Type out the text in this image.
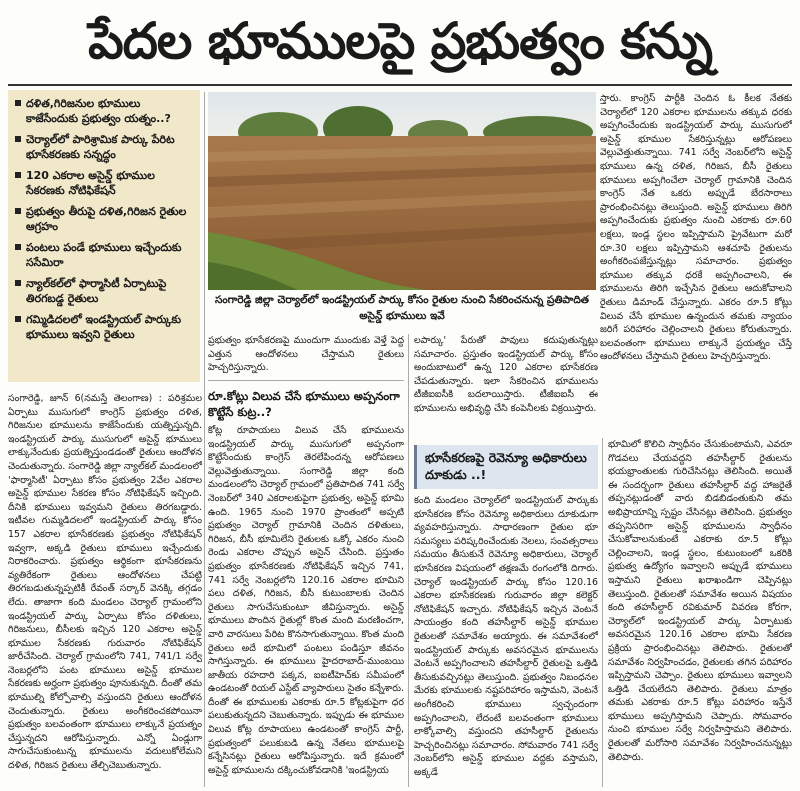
పేదల భూములపై ప్రభుత్వం కన్ను
దళిత,గిరిజనుల భూములు కాజేసేందుకు ప్రభుత్వం యత్నం..?
చెర్యాల్‌లో పారిశ్రామిక పార్కు పేరిట భూసేకరణకు సన్నద్ధం
120 ఎకరాల అసైన్డ్ భూముల సేకరణకు నోటిఫికేషన్
ప్రభుత్వం తీరుపై దళిత,గిరిజన రైతుల ఆగ్రహం
పంటలు పండే భూములు ఇచ్చేందుకు ససేమిరా
న్యాల్‌కల్‌లో ఫార్మాసిటీ ఏర్పాటుపై తిరగబడ్డ రైతులు
గమ్మిడిదలలో ఇండస్ట్రియల్ పార్కుకు భూములు ఇవ్వని రైతులు
సంగారెడ్డి జిల్లా చెర్యాల్‌లో ఇండస్ట్రియల్ పార్కు కోసం రైతుల నుంచి సేకరించనున్న ప్రతిపాదిత అసైన్డ్ భూములు ఇవే

సంగారెడ్డి, జూన్ 6(నమస్తే తెలంగాణ) : పరిశ్రమల ఏర్పాటు ముసుగులో కాంగ్రెస్ ప్రభుత్వం దళిత, గిరిజనుల భూములను కాజేసేందుకు యత్నిస్తున్నది. ఇండస్ట్రియల్ పార్కు ముసుగులో అసైన్డ్ భూములు లాక్కునేందుకు ప్రయత్నిస్తుండడంతో రైతులు ఆందోళన చెందుతున్నారు. సంగారెడ్డి జిల్లా న్యాల్‌కల్ మండలంలో 'ఫార్మాసిటీ' ఏర్పాటు కోసం ప్రభుత్వం 2వేల ఎకరాల అసైన్డ్ భూముల సేకరణ కోసం నోటిఫికేషన్ ఇచ్చింది. దీనికి భూములు ఇవ్వమని రైతులు తిరగబడ్డారు. ఇటీవల గుమ్మడిదలలో ఇండస్ట్రియల్ పార్కు కోసం 157 ఎకరాల భూసేకరణకు ప్రభుత్వం నోటిఫికేషన్ ఇవ్వగా, అక్కడి రైతులు భూములు ఇచ్చేందుకు నిరాకరించారు. ప్రభుత్వం ఆర్థికంగా భూసేకరణను వ్యతిరేకంగా రైతులు ఆందోళనలు చేపట్టి తిరగబడుతున్నప్పటికీ రేవంత్ సర్కార్ వెనక్కి తగ్గడం లేదు. తాజాగా కంది మండలం చెర్యాల్ గ్రామంలోని ఇండస్ట్రియల్ పార్కు ఏర్పాటు కోసం దళితులు, గిరిజనులు, బీసీలకు ఇచ్చిన 120 ఎకరాల అసైన్డ్ భూముల సేకరణకు గురువారం నోటిఫికేషన్ జారీచేసింది. చెర్యాల్ గ్రామంలోని 741, 741/1 సర్వే నెంబర్లలోని పంట భూములు అసైన్డ్ భూముల సేకరణకు అర్హంగా ప్రభుత్వం పూనుకున్నది. దీంతో తమ భూముల్ని కోల్పోవాల్సి వస్తుందని రైతులు ఆందోళన చెందుతున్నారు. రైతులు అంగీకరించకపోయినా ప్రభుత్వం బలవంతంగా భూములు లాక్కునే ప్రయత్నం చేస్తున్నదని ఆరోపిస్తున్నారు. ఎన్నో ఏండ్లుగా సాగుచేసుకుంటున్న భూములను వదులుకోలేమని దళిత, గిరిజన రైతులు తేల్చిచెబుతున్నారు.

ప్రభుత్వం భూసేకరణపై ముందుగా ముందుకు వెళ్తే పెద్ద ఎత్తున ఆందోళనలు చేస్తామని రైతులు హెచ్చరిస్తున్నారు.

రూ.కోట్లు విలువ చేసే భూములు అప్పనంగా కొట్టేసే కుట్ర..?

కోట్ల రూపాయలు విలువ చేసే భూములను ఇండస్ట్రియల్ పార్కు ముసుగులో అప్పనంగా కొట్టేసేందుకు కాంగ్రెస్ తెరలేపిందన్న ఆరోపణలు వెల్లువెత్తుతున్నాయి. సంగారెడ్డి జిల్లా కంది మండలంలోని చెర్యాల్ గ్రామంలో ప్రతిపాదిత 741 సర్వే నెంబర్‌లో 340 ఎకరాలకుపైగా ప్రభుత్వ, అసైన్డ్ భూమి ఉంది. 1965 నుంచి 1970 ప్రాంతంలో అప్పటి ప్రభుత్వం చెర్యాల్ గ్రామానికి చెందిన దళితులు, గిరిజన, బీసీ భూమిలేని రైతులకు ఒక్కో ఎకరం నుంచి రెండు ఎకరాల చొప్పున అసైన్ చేసింది. ప్రస్తుతం ప్రభుత్వం భూసేకరణకు నోటిఫికేషన్ ఇచ్చిన 741, 741 సర్వే నెంబర్లలోని 120.16 ఎకరాల భూమిని పలు దళిత, గిరిజన, బీసీ కుటుంబాలకు చెందిన రైతులు సాగుచేసుకుంటూ జీవిస్తున్నారు. అసైన్డ్ భూములు పొందిన రైతుల్లో కొంత మంది మరణించగా, వారి వారసులు పేరిట కొనసాగుతున్నాయి. కొంత మంది రైతులు అదే భూమిలో పంటలు పండిస్తూ జీవనం సాగిస్తున్నారు. ఈ భూములు హైదరాబాద్‌-ముంబయి జాతీయ రహదారి పక్కన, ఐఐటీహెచ్‌కు సమీపంలో ఉండటంతో రియల్ ఎస్టేట్ వ్యాపారులు సైతం కన్నేశారు. దీంతో ఈ భూములకు ఎకరాకు రూ.5 కోట్లకుపైగా ధర పలుకుతున్నదని చెబుతున్నారు. ఇప్పుడు ఈ భూముల విలువ కోట్ల రూపాయలు ఉండటంతో కాంగ్రెస్ పార్టీ, ప్రభుత్వంలో పలుకుబడి ఉన్న నేతలు భూములపై కన్నేసినట్లు రైతులు ఆరోపిస్తున్నారు. ఇదే క్రమంలో అసైన్డ్ భూములను దక్కించుకోవడానికి 'ఇండస్ట్రియ

లపార్కు' పేరుతో పావులు కదుపుతున్నట్లు సమాచారం. ప్రస్తుతం ఇండస్ట్రియల్ పార్కు కోసం అందుబాటులో ఉన్న 120 ఎకరాల భూసేకరణ చేపడుతున్నారు. ఇలా సేకరించిన భూములను టీజీఐఐసీకి బదలాయిస్తారు. టీజీఐఐసీ ఈ భూములను అభివృద్ధి చేసి కంపెనీలకు విక్రయిస్తారు.

స్తారు. కాంగ్రెస్ పార్టీకి చెందిన ఓ కీలక నేతకు చెర్యాల్‌లో 120 ఎకరాల భూములను తక్కువ ధరకు అప్పగించేందుకు ఇండస్ట్రియల్ పార్కు ముసుగులో అసైన్డ్ భూముల సేకరిస్తున్నట్లు ఆరోపణలు వెల్లువెత్తుతున్నాయి. 741 సర్వే నెంబర్‌లోని అసైన్డ్ భూములు ఉన్న దళిత, గిరిజన, బీసీ రైతులు భూములు అప్పగించేలా చెర్యాల్ గ్రామానికి చెందిన కాంగ్రెస్ నేత ఒకరు అప్పుడే బేరసారాలు ప్రారంభించినట్లు తెలుస్తుంది. అసైన్డ్ భూములు తిరిగి అప్పగించేందుకు ప్రభుత్వం నుంచి ఎకరాకు రూ.60 లక్షలు, ఇండ్ల స్థలం ఇప్పిస్తామని ప్రైవేటుగా మరో రూ.30 లక్షలు ఇప్పిస్తామని ఆశచూపి రైతులను అంగీకరింపజేస్తున్నట్లు సమాచారం. ప్రభుత్వం భూముల తక్కువ ధరకే అప్పగించాలని, ఈ భూములను తిరిగి ఇచ్చేసిన రైతులు ఆదుకోవాలని రైతులు డిమాండ్ చేస్తున్నారు. ఎకరం రూ.5 కోట్లు విలువ చేసే భూముల ఉన్నందున తమకు న్యాయం జరిగే పరిహారం చెల్లించాలని రైతులు కోరుతున్నారు. బలవంతంగా భూములు లాక్కునే ప్రయత్నం చేస్తే ఆందోళనలు చేస్తామని రైతులు హెచ్చరిస్తున్నారు.

భూసేకరణపై రెవెన్యూ అధికారులు దూకుడు ..!

కంది మండలం చెర్యాల్‌లో ఇండస్ట్రియల్ పార్కుకు భూసేకరణ కోసం రెవెన్యూ అధికారులు దూకుడుగా వ్యవహరిస్తున్నారు. సాధారణంగా రైతుల భూ సమస్యలు పరిష్కరించేందుకు నెలలు, సంవత్సరాలు సమయం తీసుకునే రెవెన్యూ అధికారులు, చెర్యాల్ భూసేకరణ విషయంలో తక్షణమే రంగంలోకి దిగారు. చెర్యాల్ ఇండస్ట్రియల్ పార్కు కోసం 120.16 ఎకరాల భూసేకరణకు గురువారం జిల్లా కలెక్టర్ నోటిఫికేషన్ ఇచ్చారు. నోటిఫికేషన్ ఇచ్చిన వెంటనే సాయంత్రం కంది తహసీల్దార్ అసైన్డ్ భూముల రైతులతో సమావేశం అయ్యారు. ఈ సమావేశంలో ఇండస్ట్రియల్ పార్కుకు అవసరమైన భూములను వెంటనే అప్పగించాలని తహసీల్దార్ రైతులపై ఒత్తిడి తీసుకువచ్చినట్లు తెలుస్తుంది. ప్రభుత్వం నిబంధనల మేరకు భూములకు నష్టపరిహారం ఇస్తామని, వెంటనే అంగీకరించి భూములు స్వచ్ఛందంగా అప్పగించాలని, లేదంటే బలవంతంగా భూములు లాక్కోవాల్సి వస్తుందని తహసీల్దార్ రైతులను హెచ్చరించినట్లు సమాచారం. సోమవారం 741 సర్వే నెంబర్‌లోని అసైన్డ్ భూముల వద్దకు వస్తామని, అక్కడే

భూమిలో కొలిచి స్వాధీనం చేసుకుంటామని, ఎవరూ గొడవలు చేయవద్దని తహసీల్దార్ రైతులను భయభ్రాంతులకు గురిచేసినట్లు తెలిసింది. అయితే ఈ సందర్భంగా రైతులు తహసీల్దార్ వద్ద హాజరైతే తప్పనట్లుడంతో వారు బిడబిడంతుకుని తమ అభిప్రాయాన్ని స్పష్టం చేసినట్లు తెలిసింది. ప్రభుత్వం తప్పనిసరిగా అసైన్డ్ భూములను స్వాధీనం చేసుకోవాలనుకుంటే ఎకరాకు రూ.5 కోట్లు చెల్లించాలని, ఇండ్ల స్థలం, కుటుంబంలో ఒకరికి ప్రభుత్వ ఉద్యోగం ఇవ్వాలని అప్పుడే భూములు ఇస్తామని రైతులు ఖరాఖండిగా చెప్పినట్లు తెలుస్తుంది. రైతులతో సమావేశం అయిన విషయం కంది తహసీల్దార్ రవికుమార్ వివరణ కోరగా, చెర్యాల్‌లో ఇండస్ట్రియల్ పార్కు ఏర్పాటుకు అవసరమైన 120.16 ఎకరాల భూమి సేకరణ ప్రక్రియ ప్రారంభించినట్లు తెలిపారు. రైతులతో సమావేశం నిర్వహించడం, రైతులకు తగిన పరిహారం ఇప్పిస్తామని చెప్పాం. రైతులు భూములు ఇవ్వాలని ఒత్తిడి చేయలేదని తెలిపారు. రైతులు మాత్రం తమకు ఎకరాకు రూ.5 కోట్లు పరిహారం ఇస్తేనే భూములు అప్పగిస్తామని చెప్పారు. సోమవారం నుంచి భూముల సర్వే నిర్వహిస్తామని తెలిపారు. రైతులతో మరోసారి సమావేశం నిర్వహించనున్నట్లు తెలిపారు.
